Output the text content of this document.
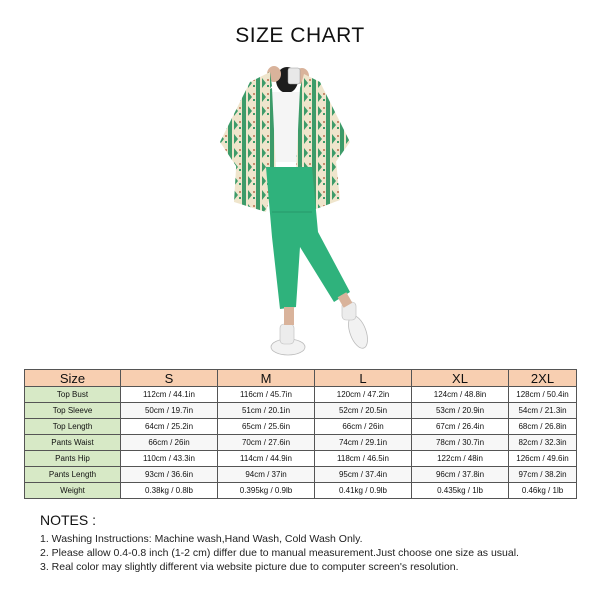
SIZE CHART
Size	S	M	L	XL	2XL
Top Bust	112cm / 44.1in	116cm / 45.7in	120cm / 47.2in	124cm / 48.8in	128cm / 50.4in
Top Sleeve	50cm / 19.7in	51cm / 20.1in	52cm / 20.5in	53cm / 20.9in	54cm / 21.3in
Top Length	64cm / 25.2in	65cm / 25.6in	66cm / 26in	67cm / 26.4in	68cm / 26.8in
Pants Waist	66cm / 26in	70cm / 27.6in	74cm / 29.1in	78cm / 30.7in	82cm / 32.3in
Pants Hip	110cm / 43.3in	114cm / 44.9in	118cm / 46.5in	122cm / 48in	126cm / 49.6in
Pants Length	93cm / 36.6in	94cm / 37in	95cm / 37.4in	96cm / 37.8in	97cm / 38.2in
Weight	0.38kg / 0.8lb	0.395kg / 0.9lb	0.41kg / 0.9lb	0.435kg / 1lb	0.46kg / 1lb
NOTES :
1. Washing Instructions: Machine wash,Hand Wash, Cold Wash Only.
2. Please allow 0.4-0.8 inch (1-2 cm) differ due to manual measurement.Just choose one size as usual.
3. Real color may slightly different via website picture due to computer screen's resolution.
